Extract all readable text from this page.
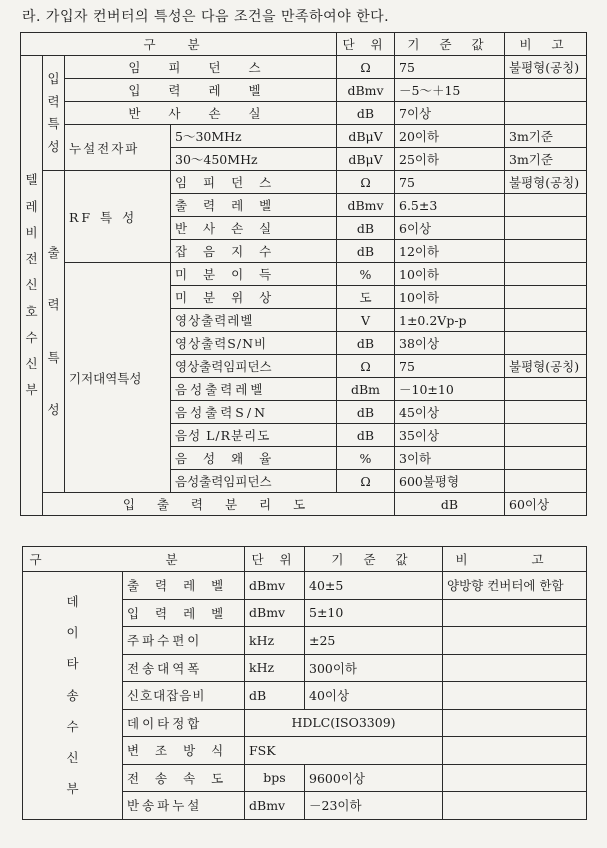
라. 가입자 컨버터의 특성은 다음 조건을 만족하여야 한다.
구 분				단 위	기 준 값	비 고	
텔레비전신호수신부	입력특성	임 피 던 스		Ω	75	불평형(공칭)	
		입 력 레 벨		dBmv	－5～＋15		
		반 사 손 실		dB	7이상		
		누설전자파	5～30MHz	dBμV	20이하	3m기준	
			30～450MHz	dBμV	25이하	3m기준	
	출력특성	RF 특 성	임 피 던 스	Ω	75	불평형(공칭)	
			출 력 레 벨	dBmv	6.5±3		
			반 사 손 실	dB	6이상		
			잡 음 지 수	dB	12이하		
		기저대역특성	미 분 이 득	%	10이하		
			미 분 위 상	도	10이하		
			영상출력레벨	V	1±0.2Vp-p		
			영상출력S/N비	dB	38이상		
			영상출력임피던스	Ω	75	불평형(공칭)	
			음성출력레벨	dBm	－10±10		
			음성출력S/N	dB	45이상		
			음성 L/R분리도	dB	35이상		
			음 성 왜 율	%	3이하		
			음성출력임피던스	Ω	600불평형		
	입 출 력 분 리 도				dB	60이상	
구 분		단 위	기 준 값	비 고
데이타송수신부	출 력 레 벨	dBmv	40±5	양방향 컨버터에 한함
	입 력 레 벨	dBmv	5±10	
	주파수편이	kHz	±25	
	전송대역폭	kHz	300이하	
	신호대잡음비	dB	40이상	
	데이타정합	HDLC(ISO3309)		
	변 조 방 식	FSK		
	전 송 속 도	bps	9600이상	
	반송파누설	dBmv	－23이하	
